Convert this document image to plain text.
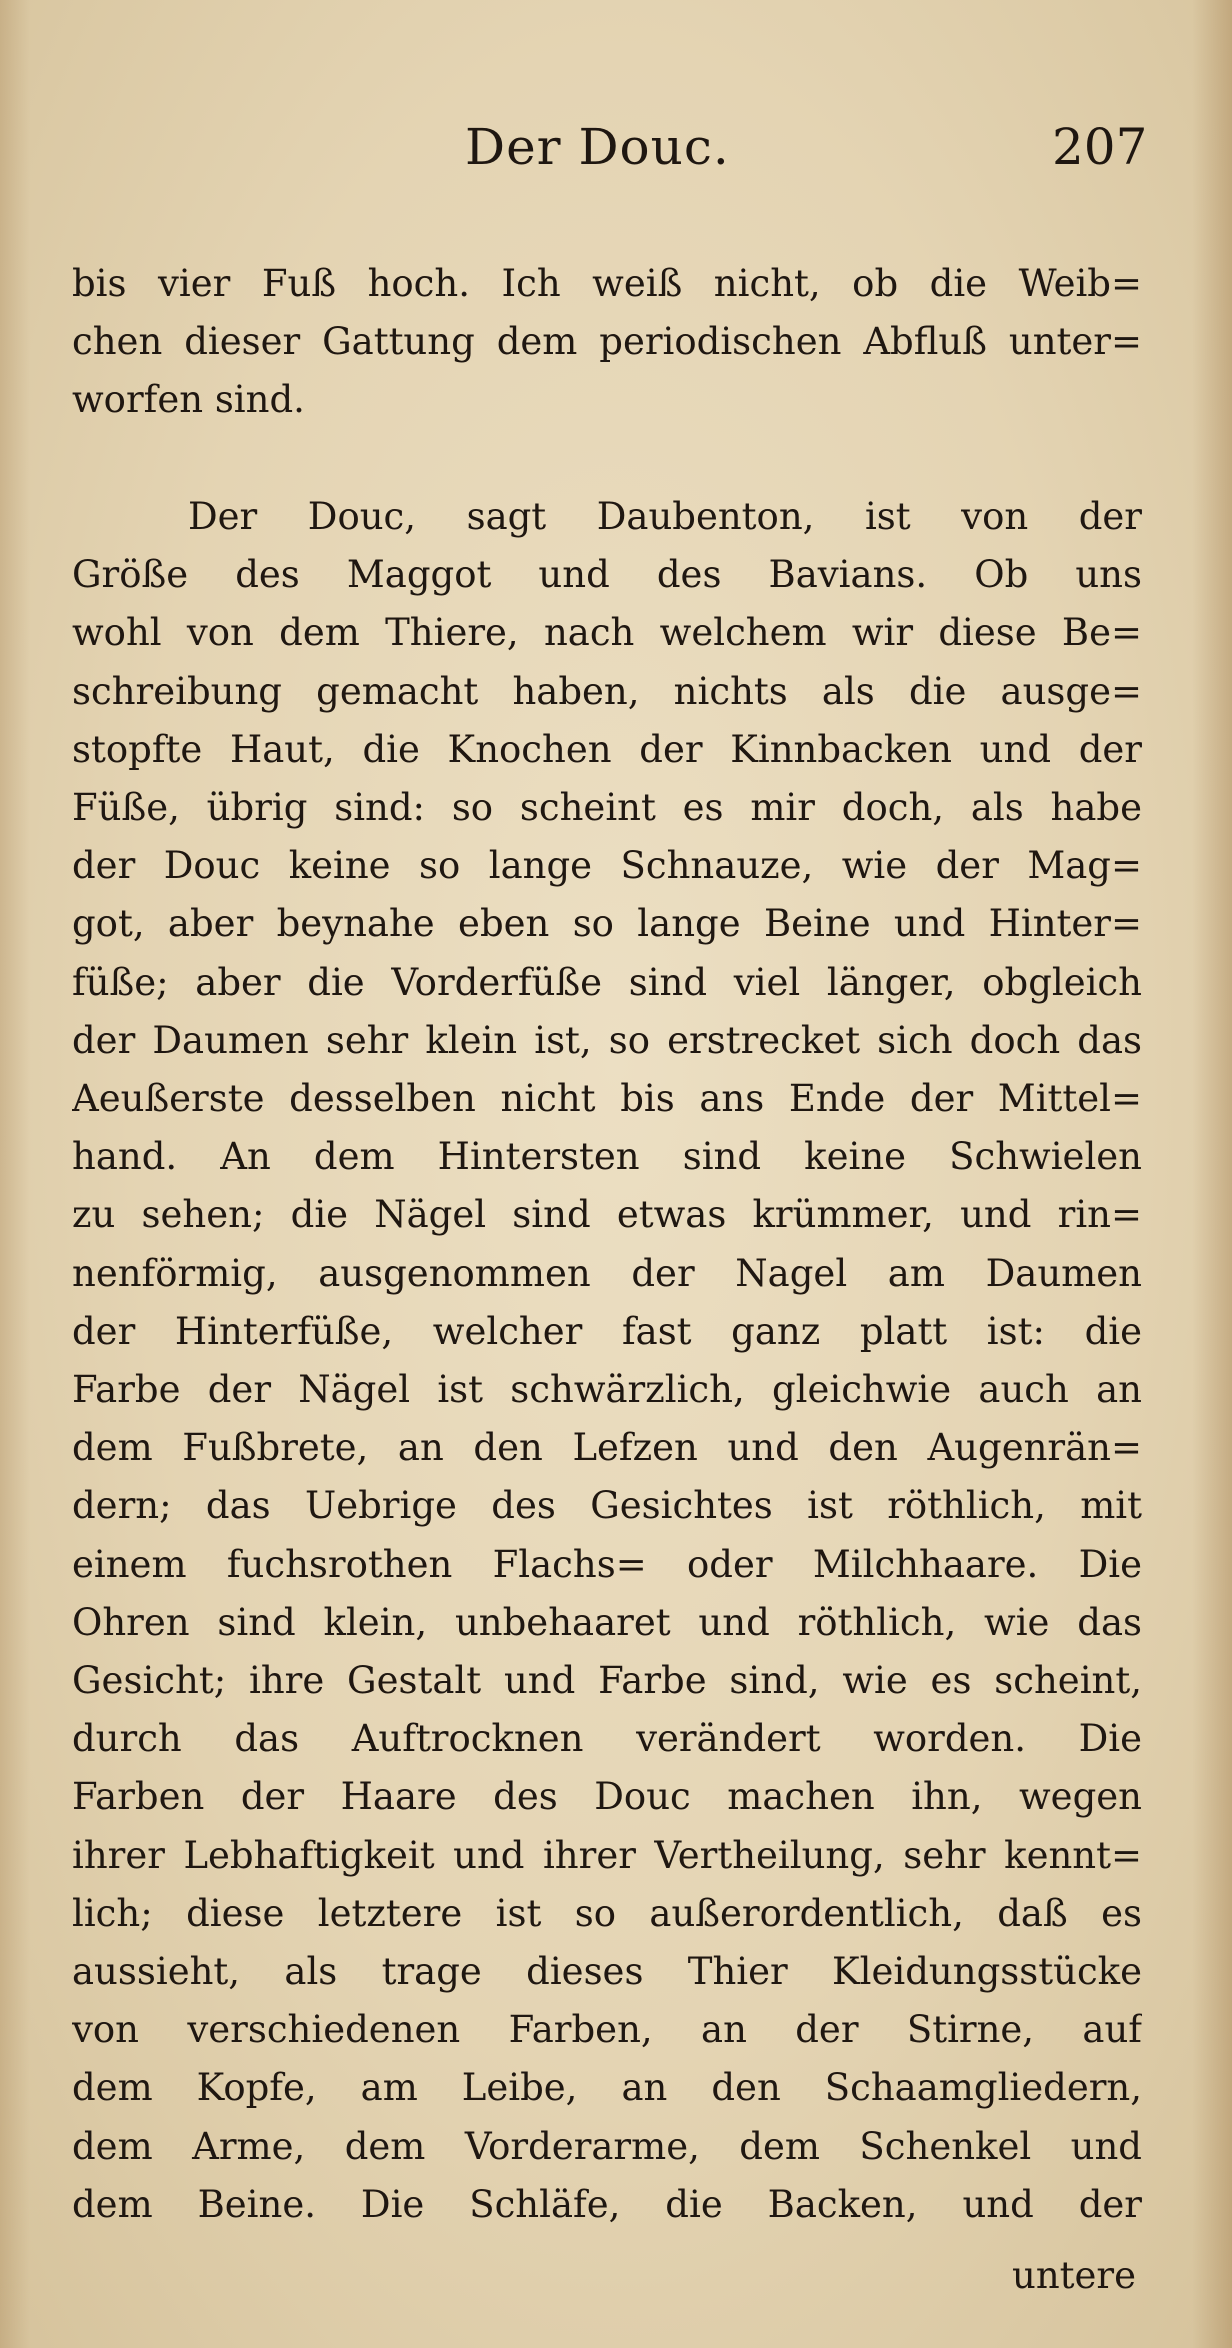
Der Douc.	207
bis vier Fuß hoch. Ich weiß nicht, ob die Weib=
chen dieser Gattung dem periodischen Abfluß unter=
worfen sind.
Der Douc, sagt Daubenton, ist von der
Größe des Maggot und des Bavians. Ob uns
wohl von dem Thiere, nach welchem wir diese Be=
schreibung gemacht haben, nichts als die ausge=
stopfte Haut, die Knochen der Kinnbacken und der
Füße, übrig sind: so scheint es mir doch, als habe
der Douc keine so lange Schnauze, wie der Mag=
got, aber beynahe eben so lange Beine und Hinter=
füße; aber die Vorderfüße sind viel länger, obgleich
der Daumen sehr klein ist, so erstrecket sich doch das
Aeußerste desselben nicht bis ans Ende der Mittel=
hand. An dem Hintersten sind keine Schwielen
zu sehen; die Nägel sind etwas krümmer, und rin=
nenförmig, ausgenommen der Nagel am Daumen
der Hinterfüße, welcher fast ganz platt ist: die
Farbe der Nägel ist schwärzlich, gleichwie auch an
dem Fußbrete, an den Lefzen und den Augenrän=
dern; das Uebrige des Gesichtes ist röthlich, mit
einem fuchsrothen Flachs= oder Milchhaare. Die
Ohren sind klein, unbehaaret und röthlich, wie das
Gesicht; ihre Gestalt und Farbe sind, wie es scheint,
durch das Auftrocknen verändert worden. Die
Farben der Haare des Douc machen ihn, wegen
ihrer Lebhaftigkeit und ihrer Vertheilung, sehr kennt=
lich; diese letztere ist so außerordentlich, daß es
aussieht, als trage dieses Thier Kleidungsstücke
von verschiedenen Farben, an der Stirne, auf
dem Kopfe, am Leibe, an den Schaamgliedern,
dem Arme, dem Vorderarme, dem Schenkel und
dem Beine. Die Schläfe, die Backen, und der
untere
